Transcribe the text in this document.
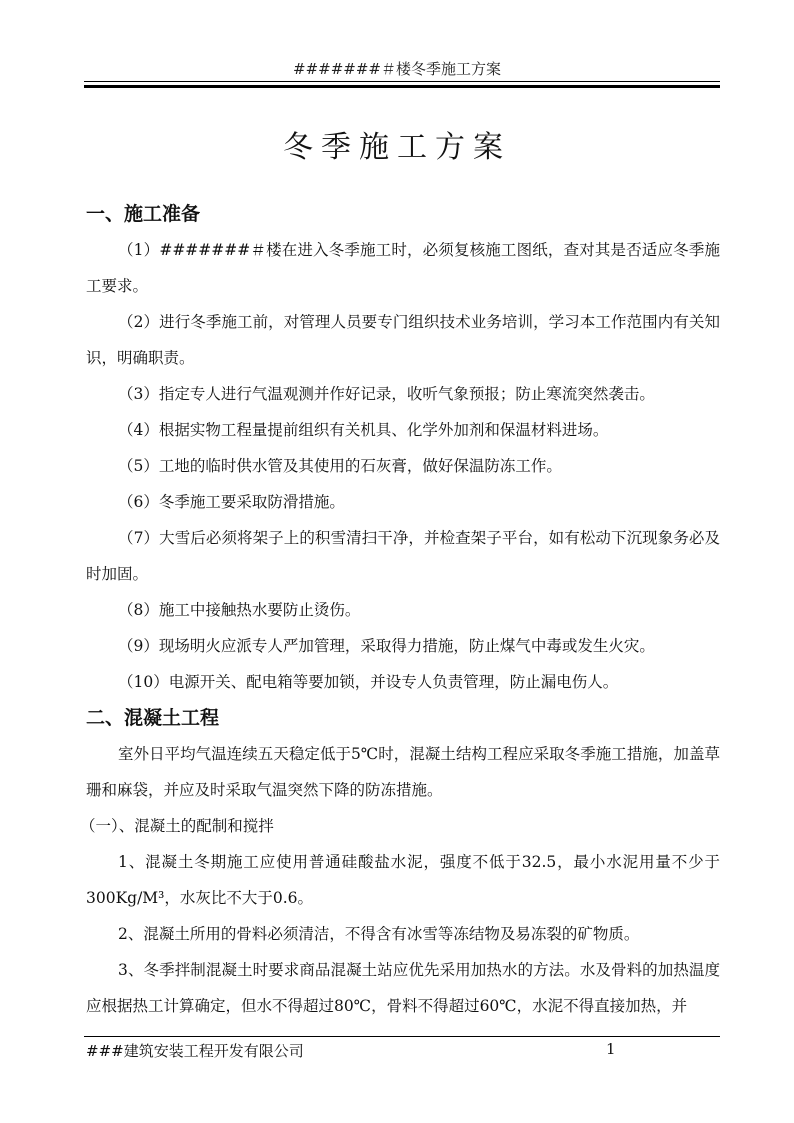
#######＃楼冬季施工方案
冬季施工方案

一、施工准备

（1）#######＃楼在进入冬季施工时，必须复核施工图纸，查对其是否适应冬季施工要求。

（2）进行冬季施工前，对管理人员要专门组织技术业务培训，学习本工作范围内有关知识，明确职责。

（3）指定专人进行气温观测并作好记录，收听气象预报；防止寒流突然袭击。

（4）根据实物工程量提前组织有关机具、化学外加剂和保温材料进场。

（5）工地的临时供水管及其使用的石灰膏，做好保温防冻工作。

（6）冬季施工要采取防滑措施。

（7）大雪后必须将架子上的积雪清扫干净，并检查架子平台，如有松动下沉现象务必及时加固。

（8）施工中接触热水要防止烫伤。

（9）现场明火应派专人严加管理，采取得力措施，防止煤气中毒或发生火灾。

（10）电源开关、配电箱等要加锁，并设专人负责管理，防止漏电伤人。

二、混凝土工程

室外日平均气温连续五天稳定低于5℃时，混凝土结构工程应采取冬季施工措施，加盖草珊和麻袋，并应及时采取气温突然下降的防冻措施。

（一）、混凝土的配制和搅拌

1、混凝土冬期施工应使用普通硅酸盐水泥，强度不低于32.5，最小水泥用量不少于300Kg/M³，水灰比不大于0.6。

2、混凝土所用的骨料必须清洁，不得含有冰雪等冻结物及易冻裂的矿物质。

3、冬季拌制混凝土时要求商品混凝土站应优先采用加热水的方法。水及骨料的加热温度应根据热工计算确定，但水不得超过80℃，骨料不得超过60℃，水泥不得直接加热，并

###建筑安装工程开发有限公司	1
